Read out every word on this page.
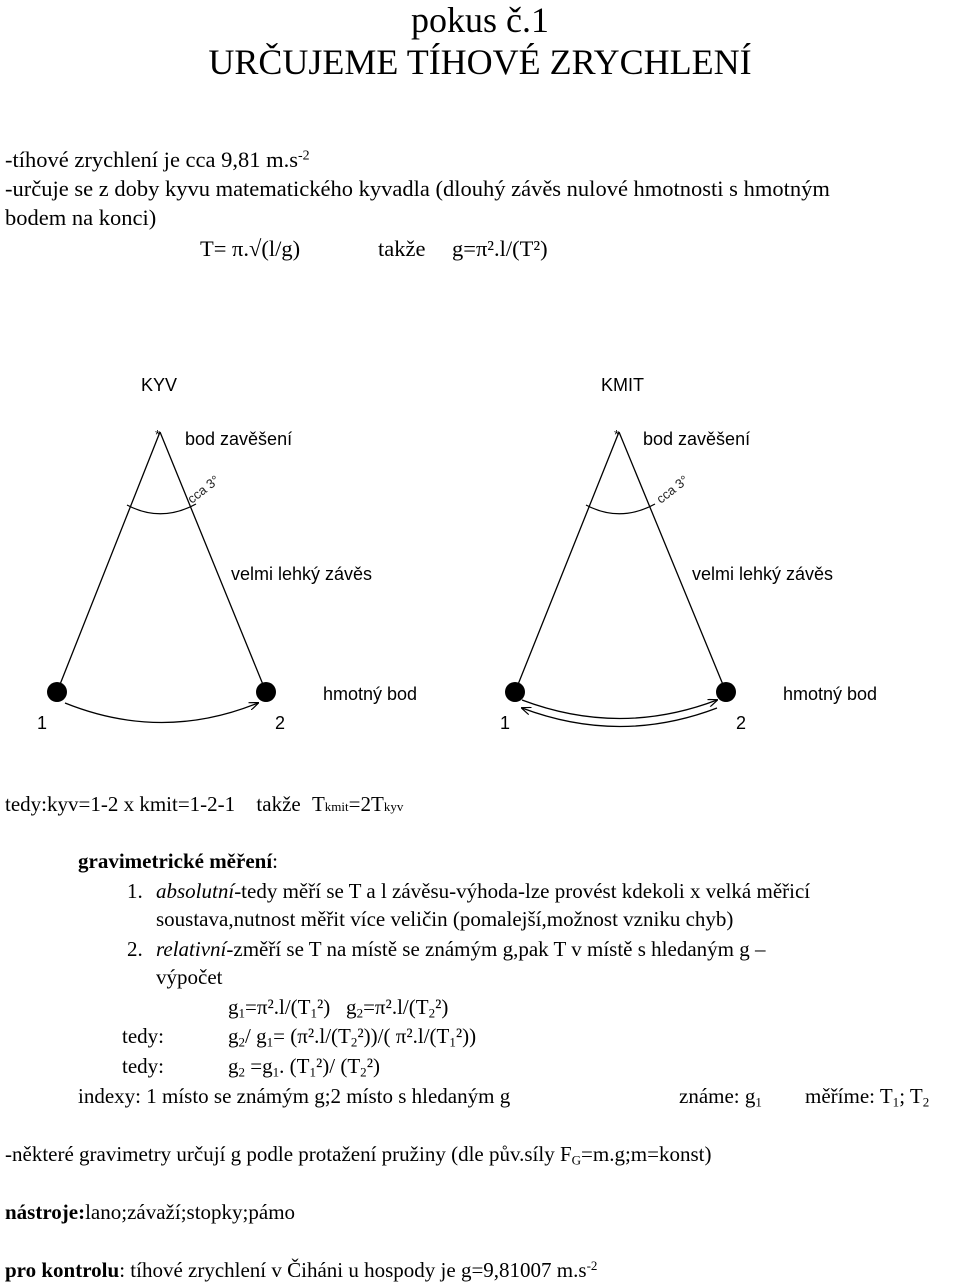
pokus č.1
URČUJEME TÍHOVÉ ZRYCHLENÍ
-tíhové zrychlení je cca 9,81 $m.s^{-2}$
-určuje se z doby kyvu matematického kyvadla (dlouhý závěs nulové hmotnosti s hmotným
bodem na konci)
T= π.√(l/g)	takže g=π².l/(T²)
KYV
* bod zavěšení
cca 3°
velmi lehký závěs
hmotný bod
1	2
KMIT
* bod zavěšení
cca 3°
velmi lehký závěs
hmotný bod
1	2
tedy:kyv=1-2 x kmit=1-2-1 takže Tkmit=2Tkyv
gravimetrické měření:
1. absolutní-tedy měří se T a l závěsu-výhoda-lze provést kdekoli x velká měřicí
soustava,nutnost měřit více veličin (pomalejší,možnost vzniku chyb)
2. relativní-změří se T na místě se známým g,pak T v místě s hledaným g –
výpočet
$g_1=\pi^2.l/(T_1^2)$   $g_2=\pi^2.l/(T_2^2)$
tedy:	$g_2/$ $g_1= (\pi^2.l/(T_2^2))/$( $\pi^2.l/(T_1^2)$)
tedy:	$g_2 =g_1$. $(T_1^2)/$ $(T_2^2)$
indexy: 1 místo se známým g;2 místo s hledaným g	známe: $g_1$ měříme: $T_1$; $T_2$
-některé gravimetry určují g podle protažení pružiny (dle pův.síly $F_G=m.g;m=konst$)
nástroje:lano;závaží;stopky;pámo
pro kontrolu: tíhové zrychlení v Čiháni u hospody je g=9,81007 $m.s^{-2}$
